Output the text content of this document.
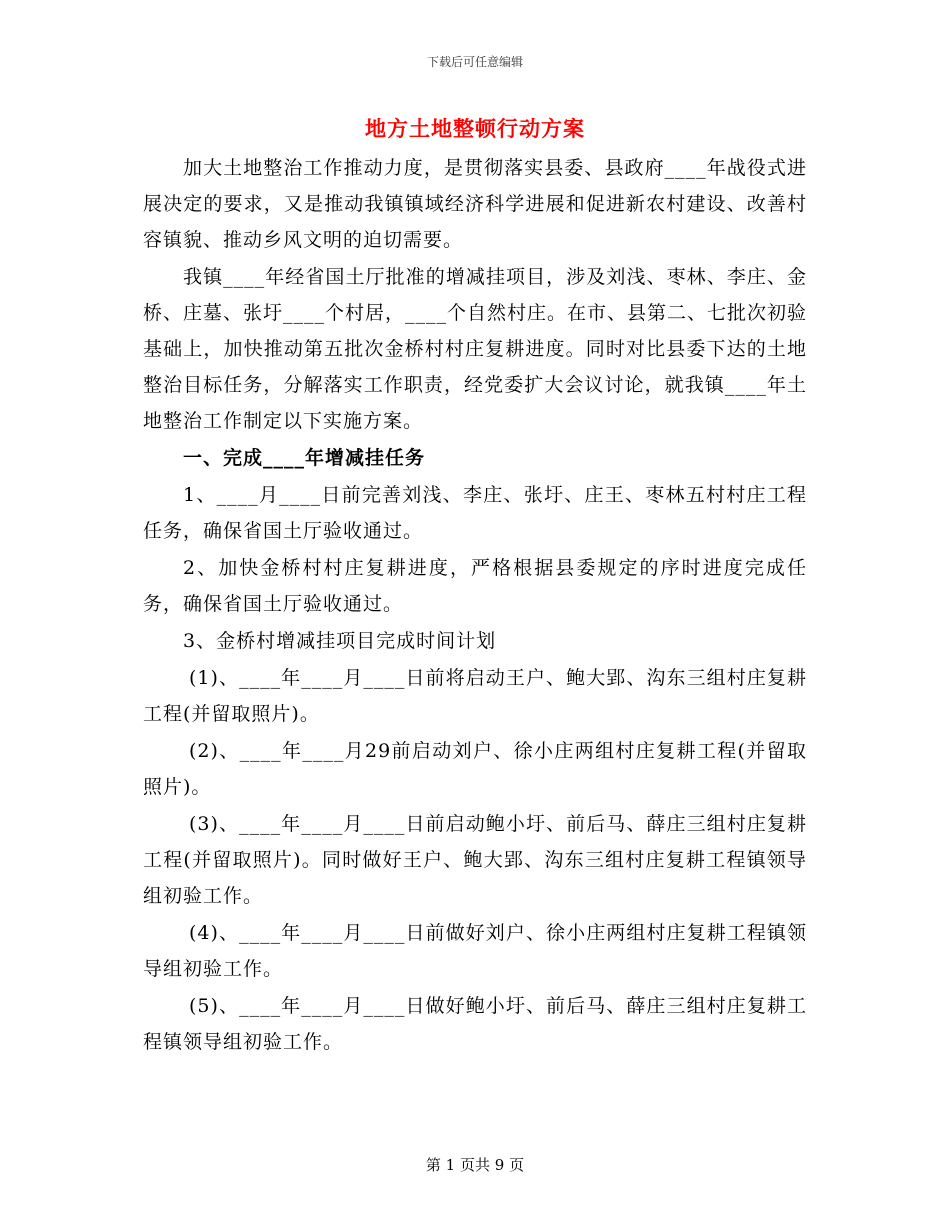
下载后可任意编辑
地方土地整顿行动方案

加大土地整治工作推动力度，是贯彻落实县委、县政府____年战役式进展决定的要求，又是推动我镇镇域经济科学进展和促进新农村建设、改善村容镇貌、推动乡风文明的迫切需要。

我镇____年经省国土厅批准的增减挂项目，涉及刘浅、枣林、李庄、金桥、庄墓、张圩____个村居，____个自然村庄。在市、县第二、七批次初验基础上，加快推动第五批次金桥村村庄复耕进度。同时对比县委下达的土地整治目标任务，分解落实工作职责，经党委扩大会议讨论，就我镇____年土地整治工作制定以下实施方案。

一、完成____年增减挂任务

1、____月____日前完善刘浅、李庄、张圩、庄王、枣林五村村庄工程任务，确保省国土厅验收通过。

2、加快金桥村村庄复耕进度，严格根据县委规定的序时进度完成任务，确保省国土厅验收通过。

3、金桥村增减挂项目完成时间计划

(1)、____年____月____日前将启动王户、鲍大郢、沟东三组村庄复耕工程(并留取照片)。

(2)、____年____月29前启动刘户、徐小庄两组村庄复耕工程(并留取照片)。

(3)、____年____月____日前启动鲍小圩、前后马、薛庄三组村庄复耕工程(并留取照片)。同时做好王户、鲍大郢、沟东三组村庄复耕工程镇领导组初验工作。

(4)、____年____月____日前做好刘户、徐小庄两组村庄复耕工程镇领导组初验工作。

(5)、____年____月____日做好鲍小圩、前后马、薛庄三组村庄复耕工程镇领导组初验工作。

第 1 页共 9 页
